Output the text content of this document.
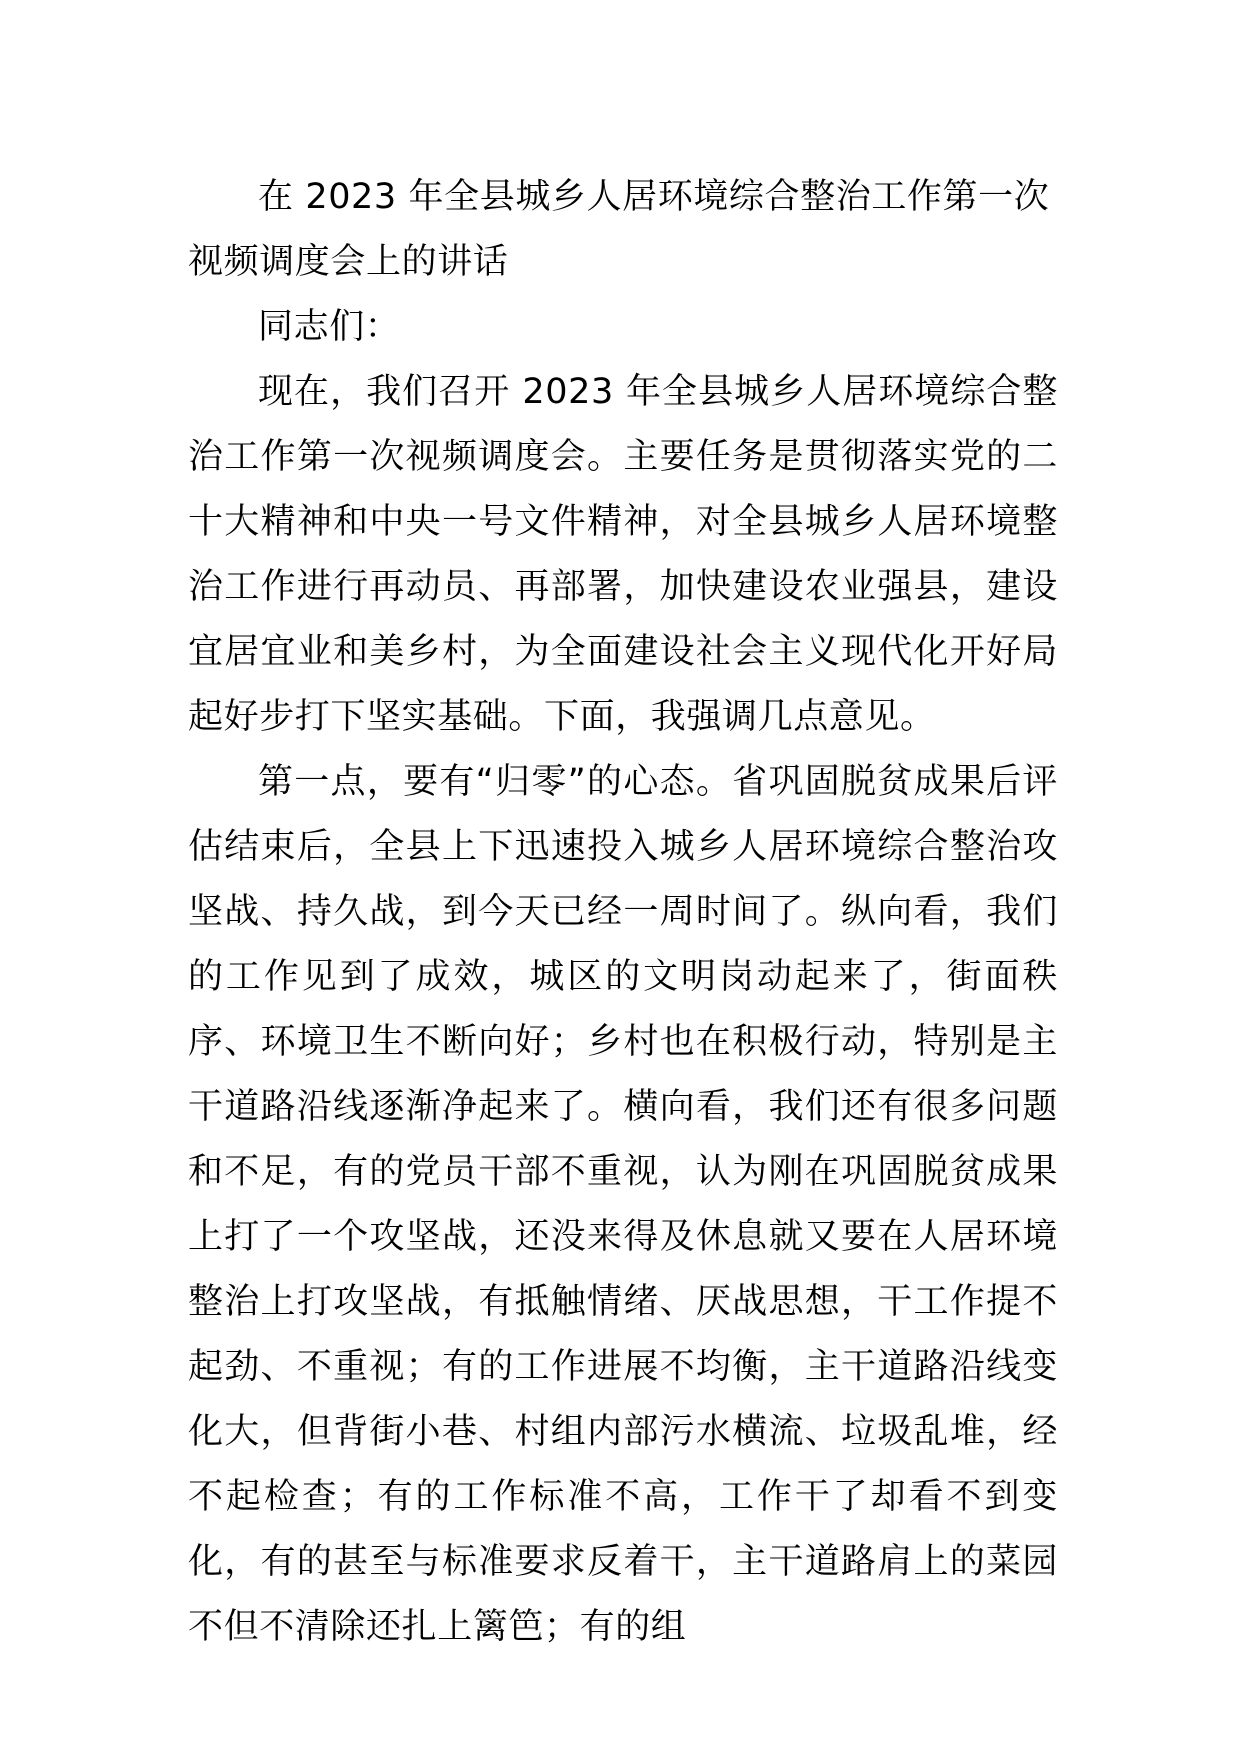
在 2023 年全县城乡人居环境综合整治工作第一次视频调度会上的讲话

同志们：

现在，我们召开 2023 年全县城乡人居环境综合整治工作第一次视频调度会。主要任务是贯彻落实党的二十大精神和中央一号文件精神，对全县城乡人居环境整治工作进行再动员、再部署，加快建设农业强县，建设宜居宜业和美乡村，为全面建设社会主义现代化开好局起好步打下坚实基础。下面，我强调几点意见。

第一点，要有“归零”的心态。省巩固脱贫成果后评估结束后，全县上下迅速投入城乡人居环境综合整治攻坚战、持久战，到今天已经一周时间了。纵向看，我们的工作见到了成效，城区的文明岗动起来了，街面秩序、环境卫生不断向好；乡村也在积极行动，特别是主干道路沿线逐渐净起来了。横向看，我们还有很多问题和不足，有的党员干部不重视，认为刚在巩固脱贫成果上打了一个攻坚战，还没来得及休息就又要在人居环境整治上打攻坚战，有抵触情绪、厌战思想，干工作提不起劲、不重视；有的工作进展不均衡，主干道路沿线变化大，但背街小巷、村组内部污水横流、垃圾乱堆，经不起检查；有的工作标准不高，工作干了却看不到变化，有的甚至与标准要求反着干，主干道路肩上的菜园不但不清除还扎上篱笆；有的组
